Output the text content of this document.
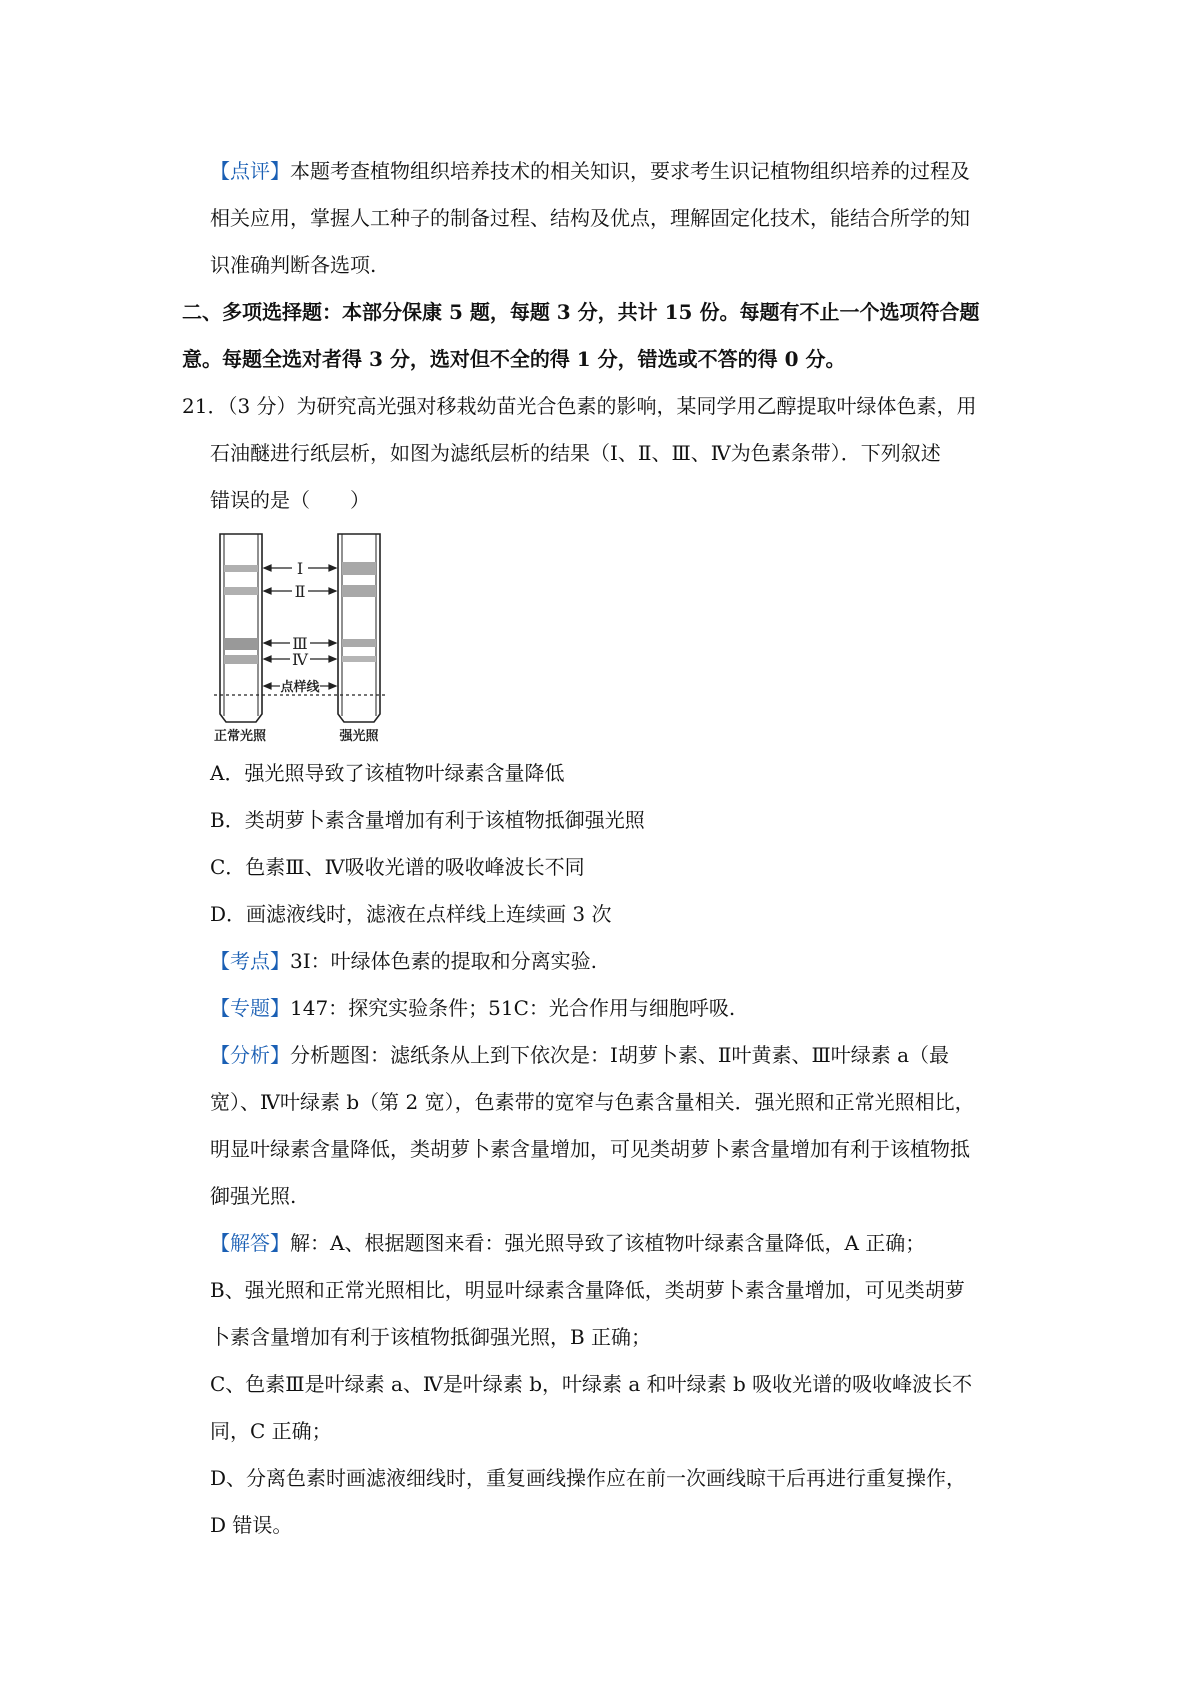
【点评】本题考查植物组织培养技术的相关知识，要求考生识记植物组织培养的过程及
相关应用，掌握人工种子的制备过程、结构及优点，理解固定化技术，能结合所学的知
识准确判断各选项.
二、多项选择题：本部分保康 5 题，每题 3 分，共计 15 份。每题有不止一个选项符合题
意。每题全选对者得 3 分，选对但不全的得 1 分，错选或不答的得 0 分。
21．（3 分）为研究高光强对移栽幼苗光合色素的影响，某同学用乙醇提取叶绿体色素，用
石油醚进行纸层析，如图为滤纸层析的结果（Ⅰ、Ⅱ、Ⅲ、Ⅳ为色素条带）．下列叙述
错误的是（　　）
Ⅰ
Ⅱ
Ⅲ
Ⅳ
点样线
正常光照	强光照
A．强光照导致了该植物叶绿素含量降低
B．类胡萝卜素含量增加有利于该植物抵御强光照
C．色素Ⅲ、Ⅳ吸收光谱的吸收峰波长不同
D．画滤液线时，滤液在点样线上连续画 3 次
【考点】3I：叶绿体色素的提取和分离实验.
【专题】147：探究实验条件；51C：光合作用与细胞呼吸.
【分析】分析题图：滤纸条从上到下依次是：Ⅰ胡萝卜素、Ⅱ叶黄素、Ⅲ叶绿素 a（最
宽）、Ⅳ叶绿素 b（第 2 宽），色素带的宽窄与色素含量相关．强光照和正常光照相比，
明显叶绿素含量降低，类胡萝卜素含量增加，可见类胡萝卜素含量增加有利于该植物抵
御强光照.
【解答】解：A、根据题图来看：强光照导致了该植物叶绿素含量降低，A 正确；
B、强光照和正常光照相比，明显叶绿素含量降低，类胡萝卜素含量增加，可见类胡萝
卜素含量增加有利于该植物抵御强光照，B 正确；
C、色素Ⅲ是叶绿素 a、Ⅳ是叶绿素 b，叶绿素 a 和叶绿素 b 吸收光谱的吸收峰波长不
同，C 正确；
D、分离色素时画滤液细线时，重复画线操作应在前一次画线晾干后再进行重复操作，
D 错误。
